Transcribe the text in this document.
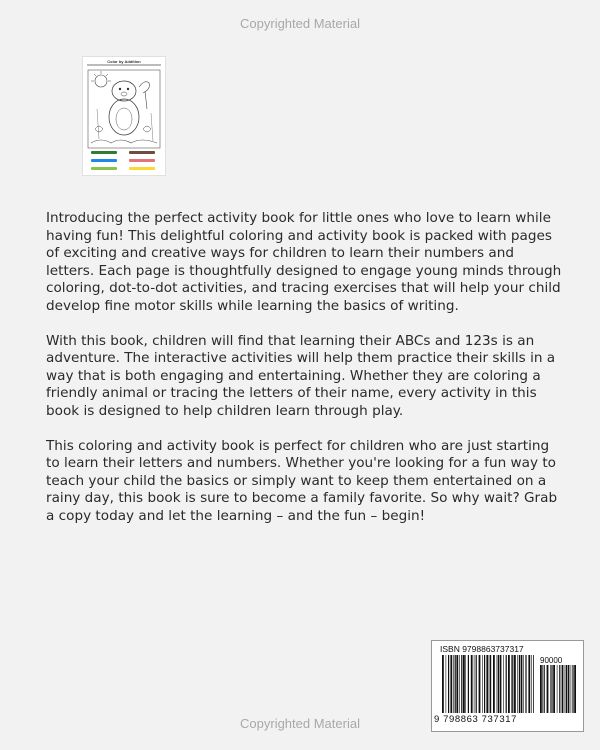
Copyrighted Material
Color by Addition

Introducing the perfect activity book for little ones who love to learn while having fun! This delightful coloring and activity book is packed with pages of exciting and creative ways for children to learn their numbers and letters. Each page is thoughtfully designed to engage young minds through coloring, dot-to-dot activities, and tracing exercises that will help your child develop fine motor skills while learning the basics of writing.

With this book, children will find that learning their ABCs and 123s is an adventure. The interactive activities will help them practice their skills in a way that is both engaging and entertaining. Whether they are coloring a friendly animal or tracing the letters of their name, every activity in this book is designed to help children learn through play.

This coloring and activity book is perfect for children who are just starting to learn their letters and numbers. Whether you're looking for a fun way to teach your child the basics or simply want to keep them entertained on a rainy day, this book is sure to become a family favorite. So why wait? Grab a copy today and let the learning – and the fun – begin!

ISBN 9798863737317
90000
9 798863 737317
Copyrighted Material
